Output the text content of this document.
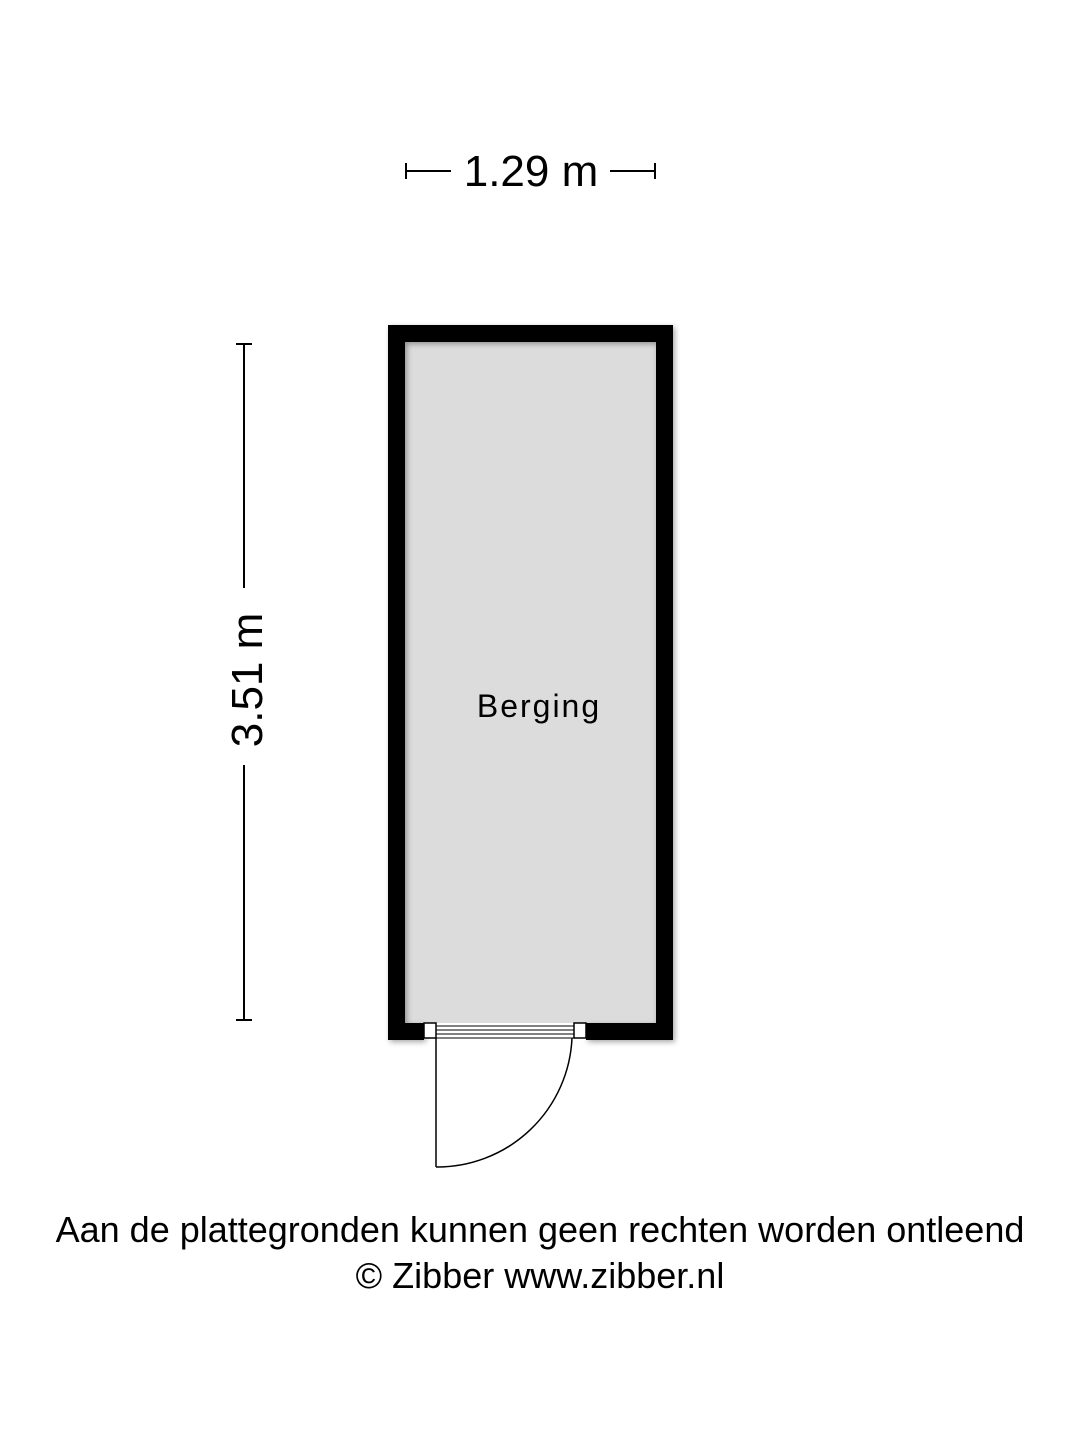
1.29 m
3.51 m	Berging
Aan de plattegronden kunnen geen rechten worden ontleend
© Zibber www.zibber.nl
